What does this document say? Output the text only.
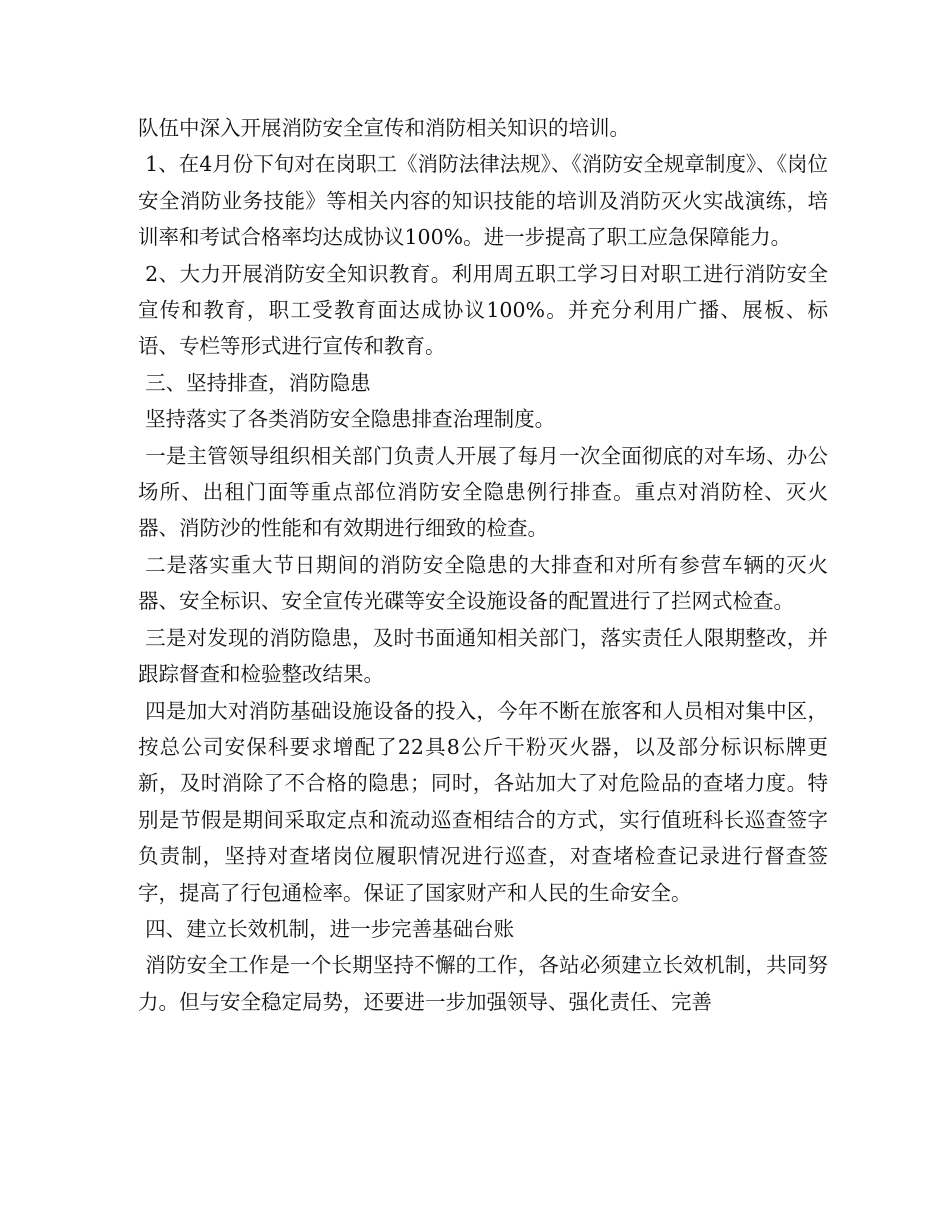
队伍中深入开展消防安全宣传和消防相关知识的培训。

1、在4月份下旬对在岗职工《消防法律法规》、《消防安全规章制度》、《岗位安全消防业务技能》等相关内容的知识技能的培训及消防灭火实战演练，培训率和考试合格率均达成协议100%。进一步提高了职工应急保障能力。

2、大力开展消防安全知识教育。利用周五职工学习日对职工进行消防安全宣传和教育，职工受教育面达成协议100%。并充分利用广播、展板、标语、专栏等形式进行宣传和教育。

三、坚持排查，消防隐患

坚持落实了各类消防安全隐患排查治理制度。

一是主管领导组织相关部门负责人开展了每月一次全面彻底的对车场、办公场所、出租门面等重点部位消防安全隐患例行排查。重点对消防栓、灭火器、消防沙的性能和有效期进行细致的检查。

二是落实重大节日期间的消防安全隐患的大排查和对所有参营车辆的灭火器、安全标识、安全宣传光碟等安全设施设备的配置进行了拦网式检查。

三是对发现的消防隐患，及时书面通知相关部门，落实责任人限期整改，并跟踪督查和检验整改结果。

四是加大对消防基础设施设备的投入，今年不断在旅客和人员相对集中区，按总公司安保科要求增配了22具8公斤干粉灭火器，以及部分标识标牌更新，及时消除了不合格的隐患；同时，各站加大了对危险品的查堵力度。特别是节假是期间采取定点和流动巡查相结合的方式，实行值班科长巡查签字负责制，坚持对查堵岗位履职情况进行巡查，对查堵检查记录进行督查签字，提高了行包通检率。保证了国家财产和人民的生命安全。

四、建立长效机制，进一步完善基础台账

消防安全工作是一个长期坚持不懈的工作，各站必须建立长效机制，共同努力。但与安全稳定局势，还要进一步加强领导、强化责任、完善
